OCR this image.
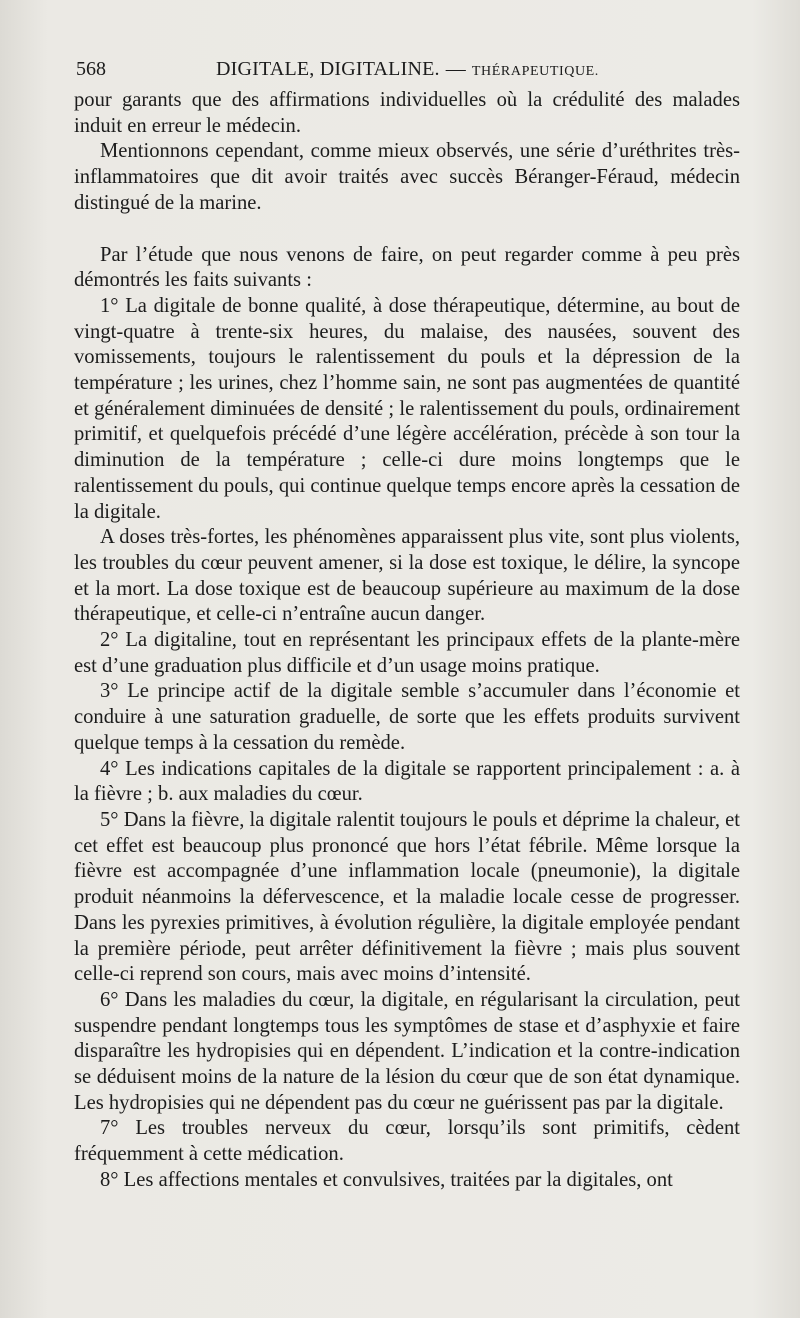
568	DIGITALE, DIGITALINE. — THÉRAPEUTIQUE.

pour garants que des affirmations individuelles où la crédulité des malades induit en erreur le médecin.

Mentionnons cependant, comme mieux observés, une série d’uréthrites très-inflammatoires que dit avoir traités avec succès Béranger-Féraud, médecin distingué de la marine.

Par l’étude que nous venons de faire, on peut regarder comme à peu près démontrés les faits suivants :

1° La digitale de bonne qualité, à dose thérapeutique, détermine, au bout de vingt-quatre à trente-six heures, du malaise, des nausées, souvent des vomissements, toujours le ralentissement du pouls et la dépression de la température ; les urines, chez l’homme sain, ne sont pas augmentées de quantité et généralement diminuées de densité ; le ralentissement du pouls, ordinairement primitif, et quelquefois précédé d’une légère accélération, précède à son tour la diminution de la température ; celle-ci dure moins longtemps que le ralentissement du pouls, qui continue quelque temps encore après la cessation de la digitale.

A doses très-fortes, les phénomènes apparaissent plus vite, sont plus violents, les troubles du cœur peuvent amener, si la dose est toxique, le délire, la syncope et la mort. La dose toxique est de beaucoup supérieure au maximum de la dose thérapeutique, et celle-ci n’entraîne aucun danger.

2° La digitaline, tout en représentant les principaux effets de la plante-mère est d’une graduation plus difficile et d’un usage moins pratique.

3° Le principe actif de la digitale semble s’accumuler dans l’économie et conduire à une saturation graduelle, de sorte que les effets produits survivent quelque temps à la cessation du remède.

4° Les indications capitales de la digitale se rapportent principalement : a. à la fièvre ; b. aux maladies du cœur.

5° Dans la fièvre, la digitale ralentit toujours le pouls et déprime la chaleur, et cet effet est beaucoup plus prononcé que hors l’état fébrile. Même lorsque la fièvre est accompagnée d’une inflammation locale (pneumonie), la digitale produit néanmoins la défervescence, et la maladie locale cesse de progresser. Dans les pyrexies primitives, à évolution régulière, la digitale employée pendant la première période, peut arrêter définitivement la fièvre ; mais plus souvent celle-ci reprend son cours, mais avec moins d’intensité.

6° Dans les maladies du cœur, la digitale, en régularisant la circulation, peut suspendre pendant longtemps tous les symptômes de stase et d’asphyxie et faire disparaître les hydropisies qui en dépendent. L’indication et la contre-indication se déduisent moins de la nature de la lésion du cœur que de son état dynamique. Les hydropisies qui ne dépendent pas du cœur ne guérissent pas par la digitale.

7° Les troubles nerveux du cœur, lorsqu’ils sont primitifs, cèdent fréquemment à cette médication.

8° Les affections mentales et convulsives, traitées par la digitales, ont
